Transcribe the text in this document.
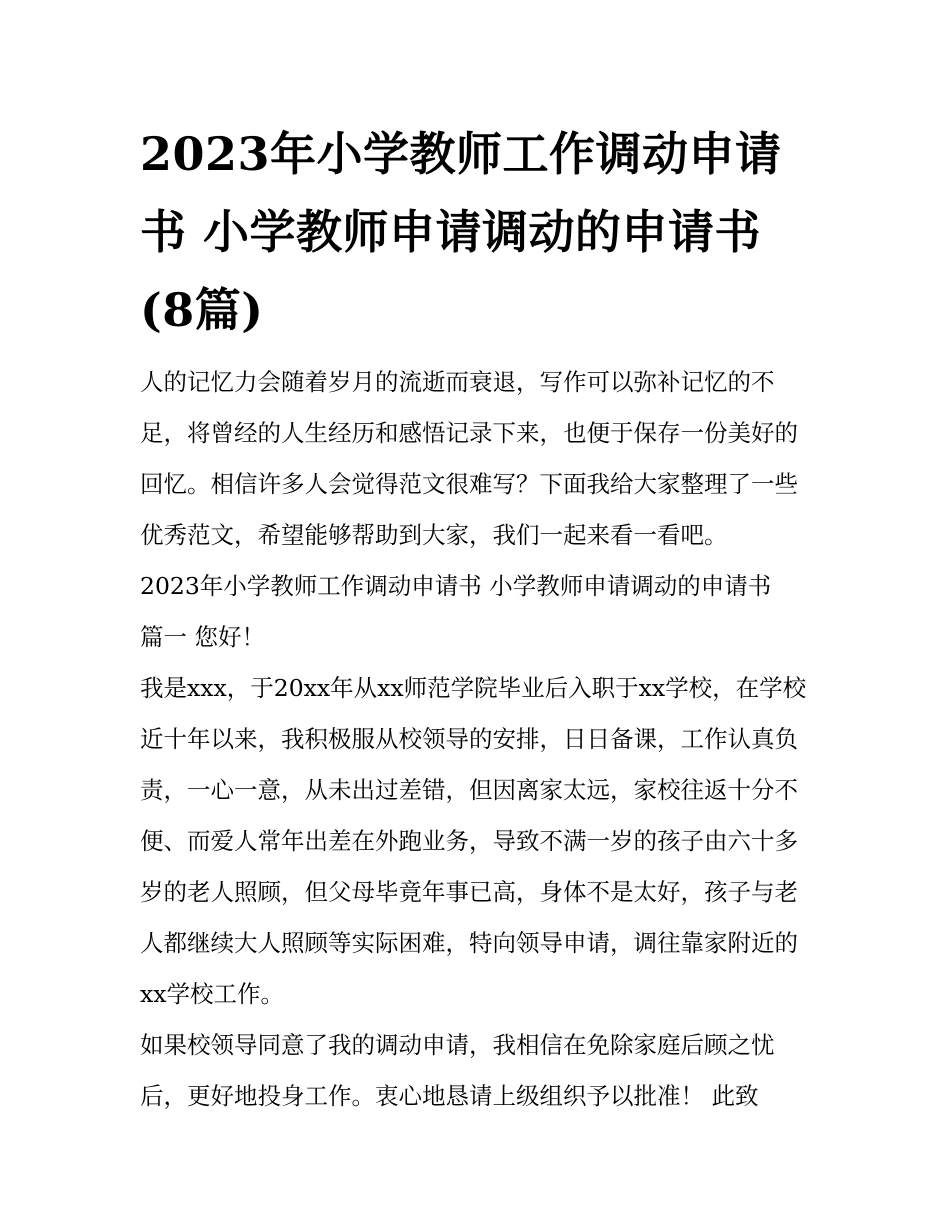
2023年小学教师工作调动申请书 小学教师申请调动的申请书(8篇)

人的记忆力会随着岁月的流逝而衰退，写作可以弥补记忆的不足，将曾经的人生经历和感悟记录下来，也便于保存一份美好的回忆。相信许多人会觉得范文很难写？下面我给大家整理了一些优秀范文，希望能够帮助到大家，我们一起来看一看吧。

2023年小学教师工作调动申请书 小学教师申请调动的申请书

篇一 您好！

我是xxx，于20xx年从xx师范学院毕业后入职于xx学校，在学校近十年以来，我积极服从校领导的安排，日日备课，工作认真负责，一心一意，从未出过差错，但因离家太远，家校往返十分不便、而爱人常年出差在外跑业务，导致不满一岁的孩子由六十多岁的老人照顾，但父母毕竟年事已高，身体不是太好，孩子与老人都继续大人照顾等实际困难，特向领导申请，调往靠家附近的xx学校工作。

如果校领导同意了我的调动申请，我相信在免除家庭后顾之忧后，更好地投身工作。衷心地恳请上级组织予以批准！ 此致
